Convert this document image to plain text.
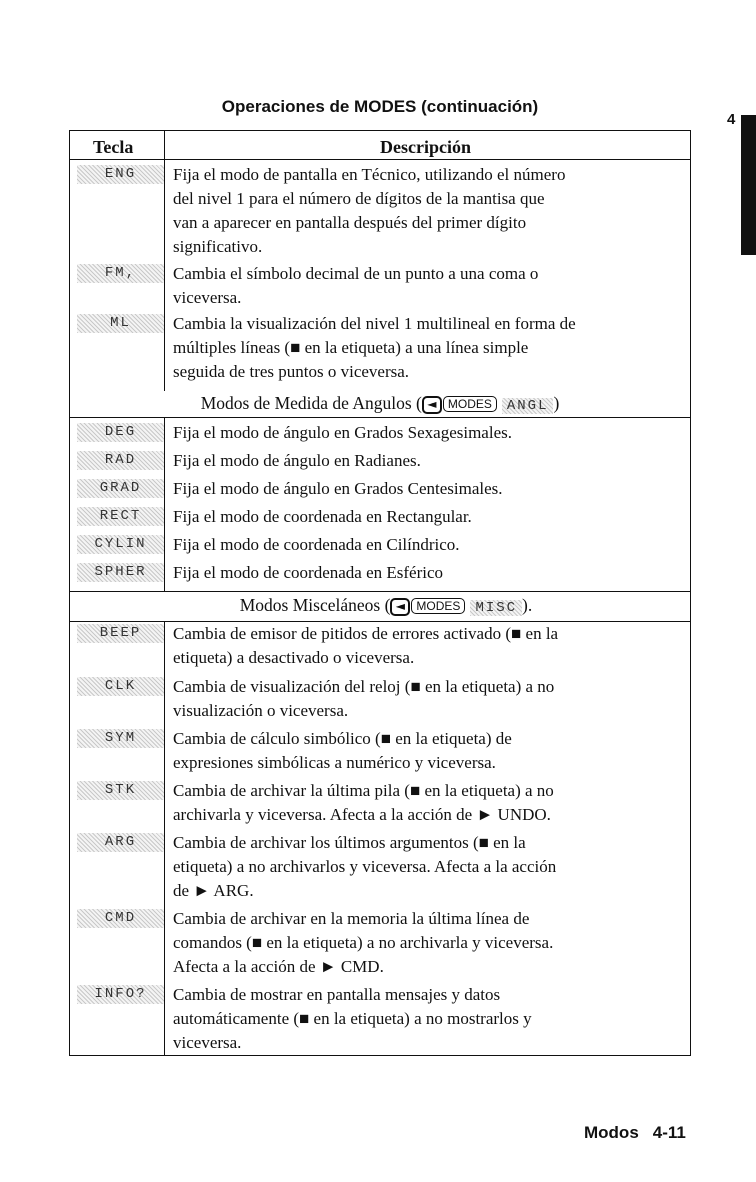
Operaciones de MODES (continuación)
4
Tecla	Descripción
ENG	Fija el modo de pantalla en Técnico, utilizando el número
del nivel 1 para el número de dígitos de la mantisa que
van a aparecer en pantalla después del primer dígito
significativo.
FM,	Cambia el símbolo decimal de un punto a una coma o
viceversa.
ML	Cambia la visualización del nivel 1 multilineal en forma de
múltiples líneas (■ en la etiqueta) a una línea simple
seguida de tres puntos o viceversa.
Modos de Medida de Angulos ( ◄ MODES ANGL )
DEG	Fija el modo de ángulo en Grados Sexagesimales.
RAD	Fija el modo de ángulo en Radianes.
GRAD	Fija el modo de ángulo en Grados Centesimales.
RECT	Fija el modo de coordenada en Rectangular.
CYLIN	Fija el modo de coordenada en Cilíndrico.
SPHER	Fija el modo de coordenada en Esférico
Modos Misceláneos ( ◄ MODES MISC ).
BEEP	Cambia de emisor de pitidos de errores activado (■ en la
etiqueta) a desactivado o viceversa.
CLK	Cambia de visualización del reloj (■ en la etiqueta) a no
visualización o viceversa.
SYM	Cambia de cálculo simbólico (■ en la etiqueta) de
expresiones simbólicas a numérico y viceversa.
STK	Cambia de archivar la última pila (■ en la etiqueta) a no
archivarla y viceversa. Afecta a la acción de ► UNDO.
ARG	Cambia de archivar los últimos argumentos (■ en la
etiqueta) a no archivarlos y viceversa. Afecta a la acción
de ► ARG.
CMD	Cambia de archivar en la memoria la última línea de
comandos (■ en la etiqueta) a no archivarla y viceversa.
Afecta a la acción de ► CMD.
INFO?	Cambia de mostrar en pantalla mensajes y datos
automáticamente (■ en la etiqueta) a no mostrarlos y
viceversa.
Modos 4-11
